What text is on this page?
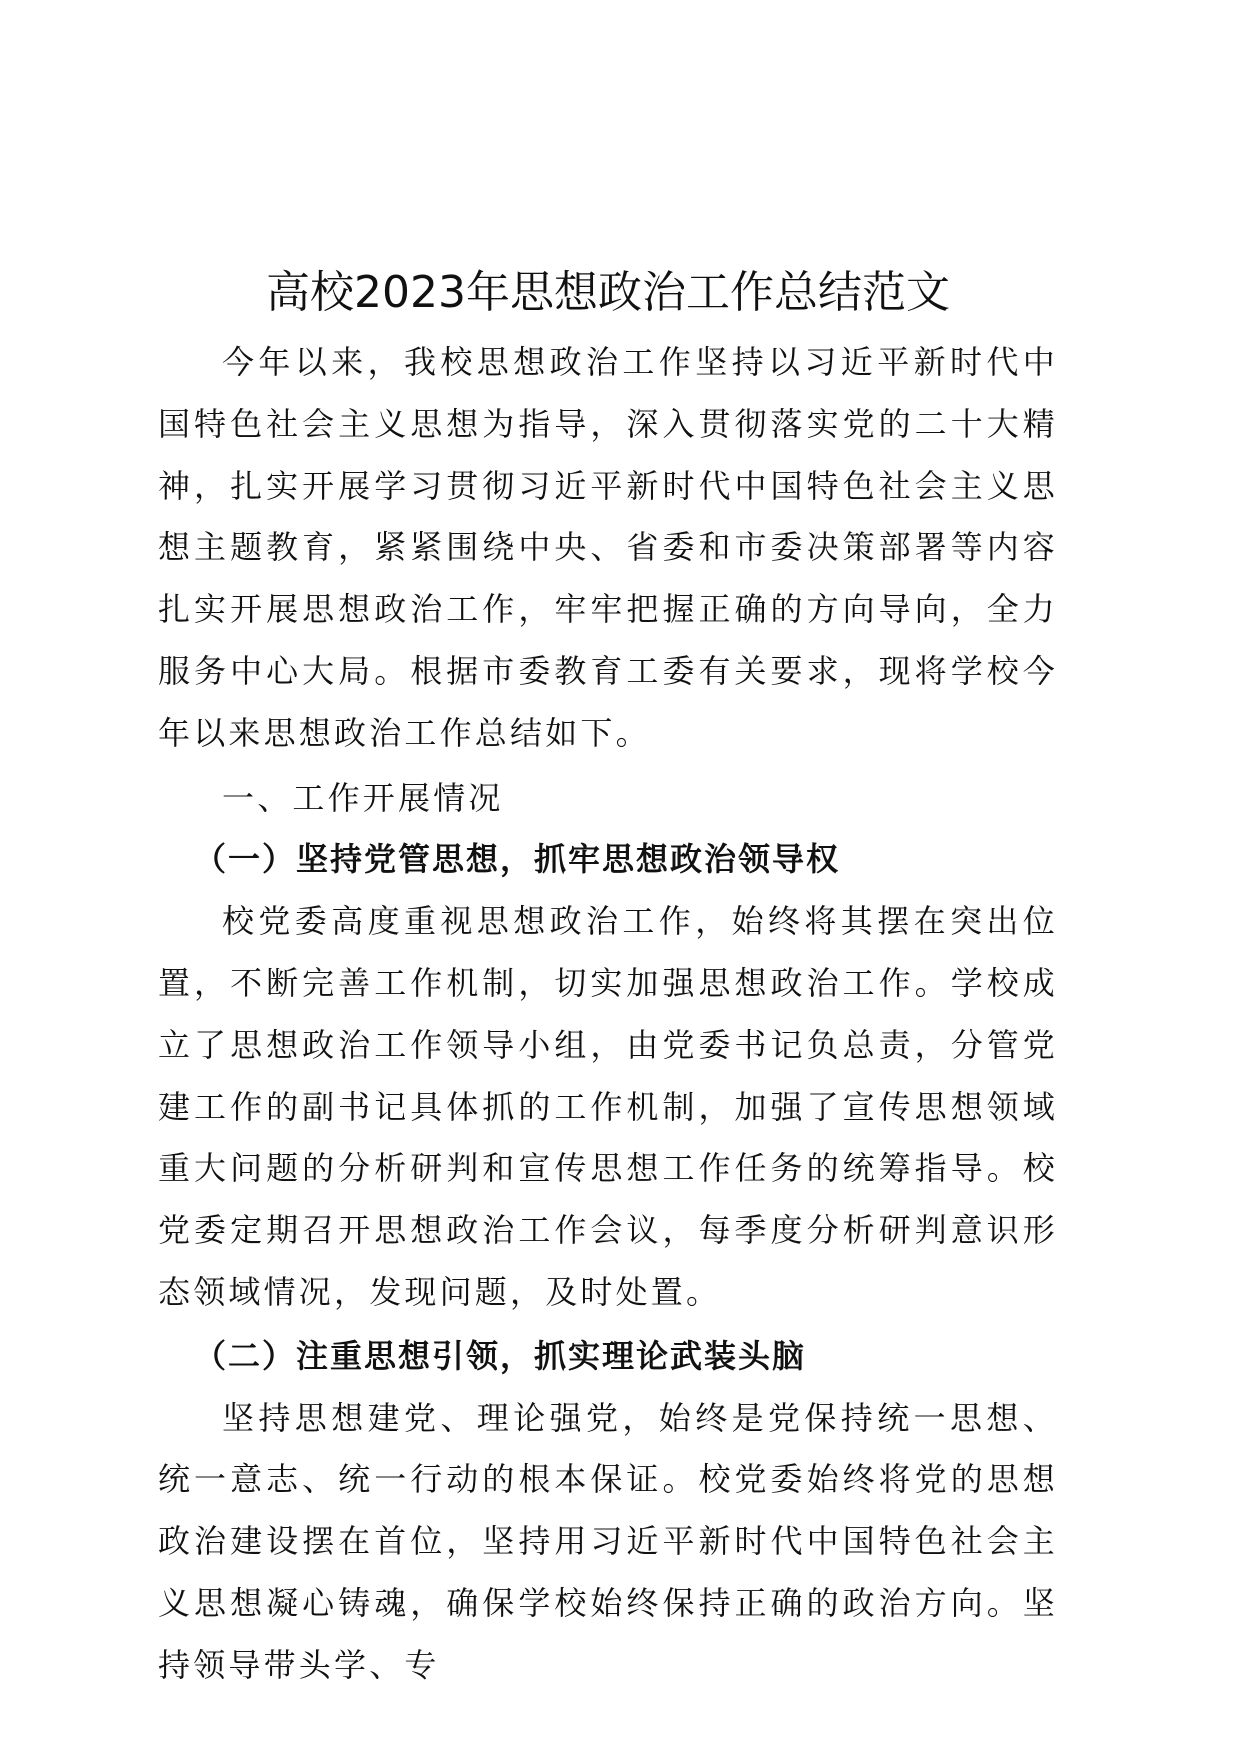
高校2023年思想政治工作总结范文

今年以来，我校思想政治工作坚持以习近平新时代中国特色社会主义思想为指导，深入贯彻落实党的二十大精神，扎实开展学习贯彻习近平新时代中国特色社会主义思想主题教育，紧紧围绕中央、省委和市委决策部署等内容扎实开展思想政治工作，牢牢把握正确的方向导向，全力服务中心大局。根据市委教育工委有关要求，现将学校今年以来思想政治工作总结如下。

一、工作开展情况

（一）坚持党管思想，抓牢思想政治领导权

校党委高度重视思想政治工作，始终将其摆在突出位置，不断完善工作机制，切实加强思想政治工作。学校成立了思想政治工作领导小组，由党委书记负总责，分管党建工作的副书记具体抓的工作机制，加强了宣传思想领域重大问题的分析研判和宣传思想工作任务的统筹指导。校党委定期召开思想政治工作会议，每季度分析研判意识形态领域情况，发现问题，及时处置。

（二）注重思想引领，抓实理论武装头脑

坚持思想建党、理论强党，始终是党保持统一思想、统一意志、统一行动的根本保证。校党委始终将党的思想政治建设摆在首位，坚持用习近平新时代中国特色社会主义思想凝心铸魂，确保学校始终保持正确的政治方向。坚持领导带头学、专
